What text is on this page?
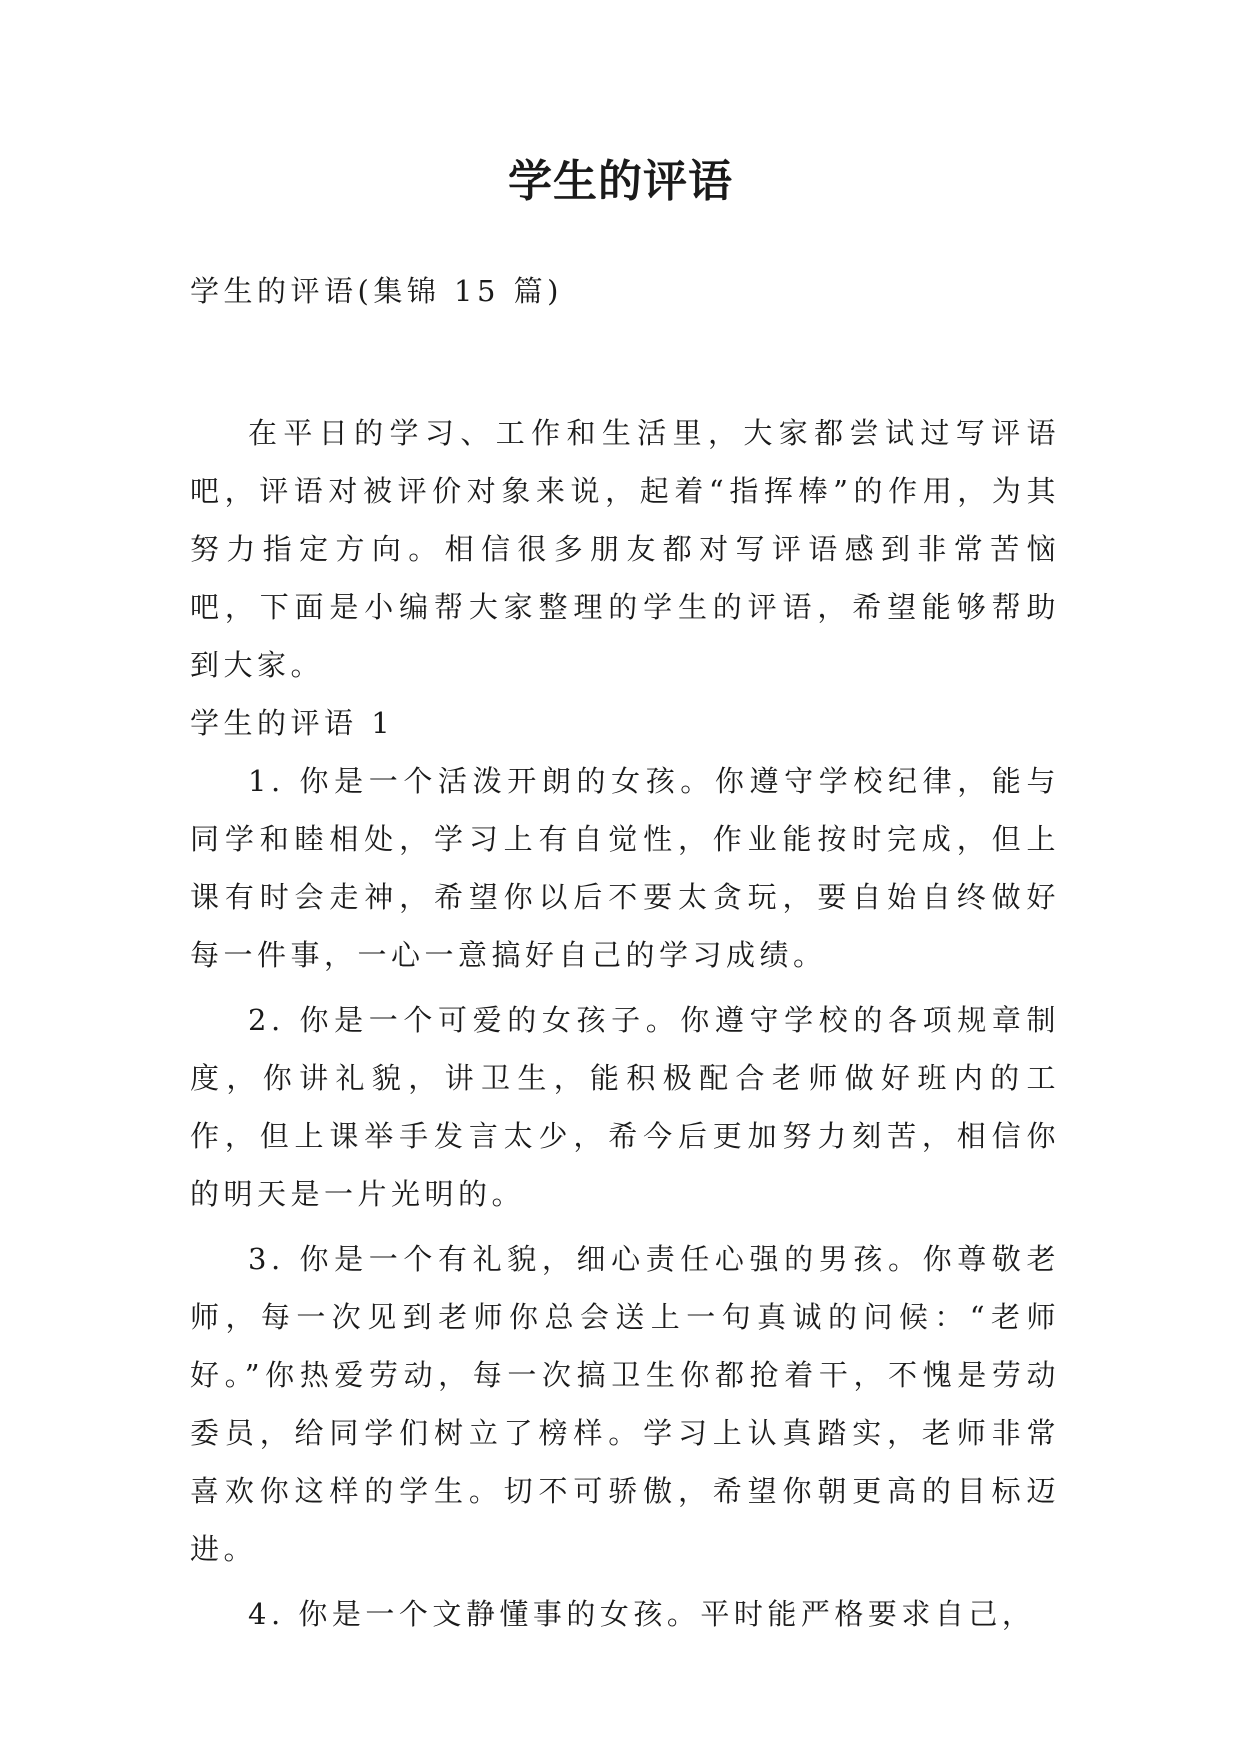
学生的评语

学生的评语(集锦 15 篇)

在平日的学习、工作和生活里，大家都尝试过写评语吧，评语对被评价对象来说，起着“指挥棒”的作用，为其努力指定方向。相信很多朋友都对写评语感到非常苦恼吧，下面是小编帮大家整理的学生的评语，希望能够帮助到大家。

学生的评语 1

1. 你是一个活泼开朗的女孩。你遵守学校纪律，能与同学和睦相处，学习上有自觉性，作业能按时完成，但上课有时会走神，希望你以后不要太贪玩，要自始自终做好每一件事，一心一意搞好自己的学习成绩。

2. 你是一个可爱的女孩子。你遵守学校的各项规章制度，你讲礼貌，讲卫生，能积极配合老师做好班内的工作，但上课举手发言太少，希今后更加努力刻苦，相信你的明天是一片光明的。

3. 你是一个有礼貌，细心责任心强的男孩。你尊敬老师，每一次见到老师你总会送上一句真诚的问候：“老师好。”你热爱劳动，每一次搞卫生你都抢着干，不愧是劳动委员，给同学们树立了榜样。学习上认真踏实，老师非常喜欢你这样的学生。切不可骄傲，希望你朝更高的目标迈进。

4. 你是一个文静懂事的女孩。平时能严格要求自己，
